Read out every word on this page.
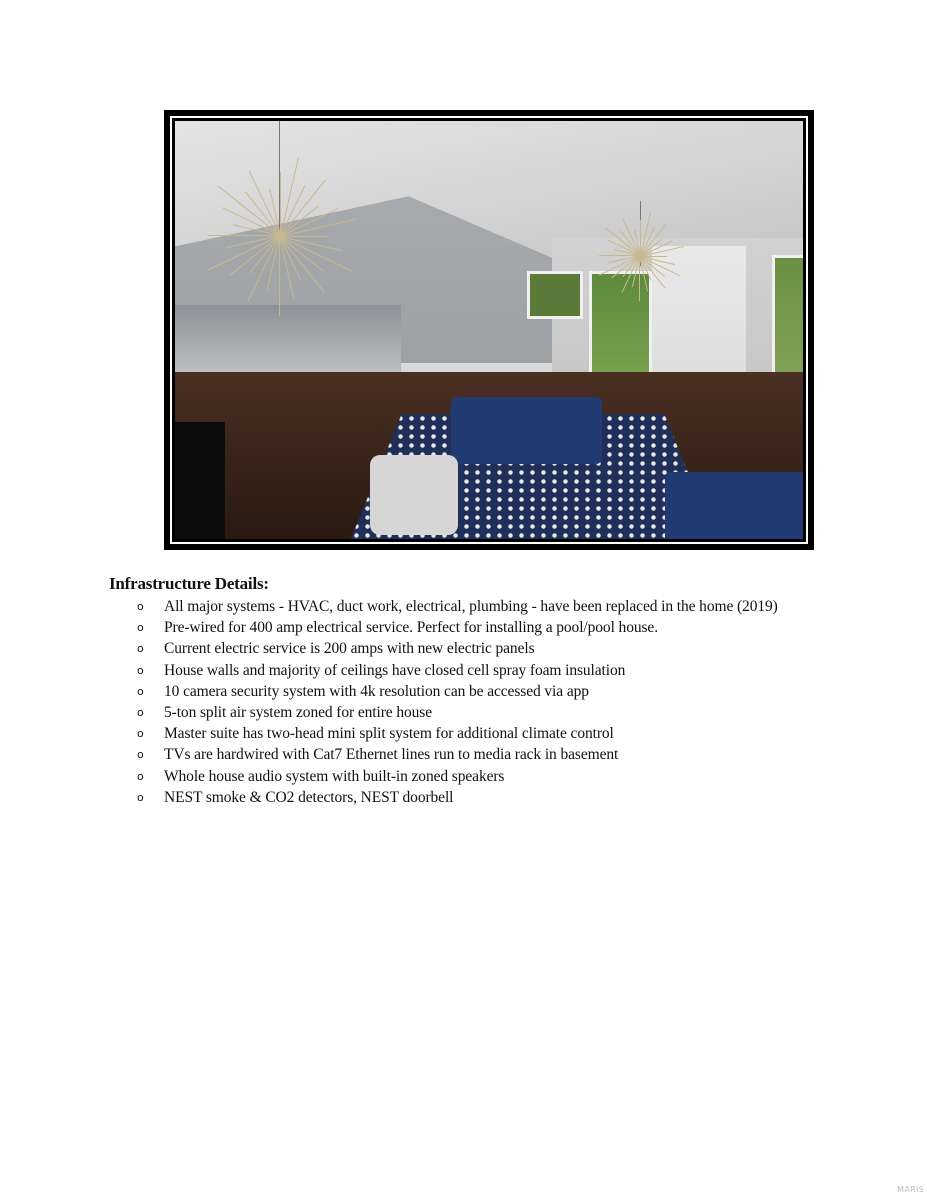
Infrastructure Details:
o All major systems - HVAC, duct work, electrical, plumbing - have been replaced in the home (2019)
o Pre-wired for 400 amp electrical service. Perfect for installing a pool/pool house.
o Current electric service is 200 amps with new electric panels
o House walls and majority of ceilings have closed cell spray foam insulation
o 10 camera security system with 4k resolution can be accessed via app
o 5-ton split air system zoned for entire house
o Master suite has two-head mini split system for additional climate control
o TVs are hardwired with Cat7 Ethernet lines run to media rack in basement
o Whole house audio system with built-in zoned speakers
o NEST smoke & CO2 detectors, NEST doorbell
MARIS
